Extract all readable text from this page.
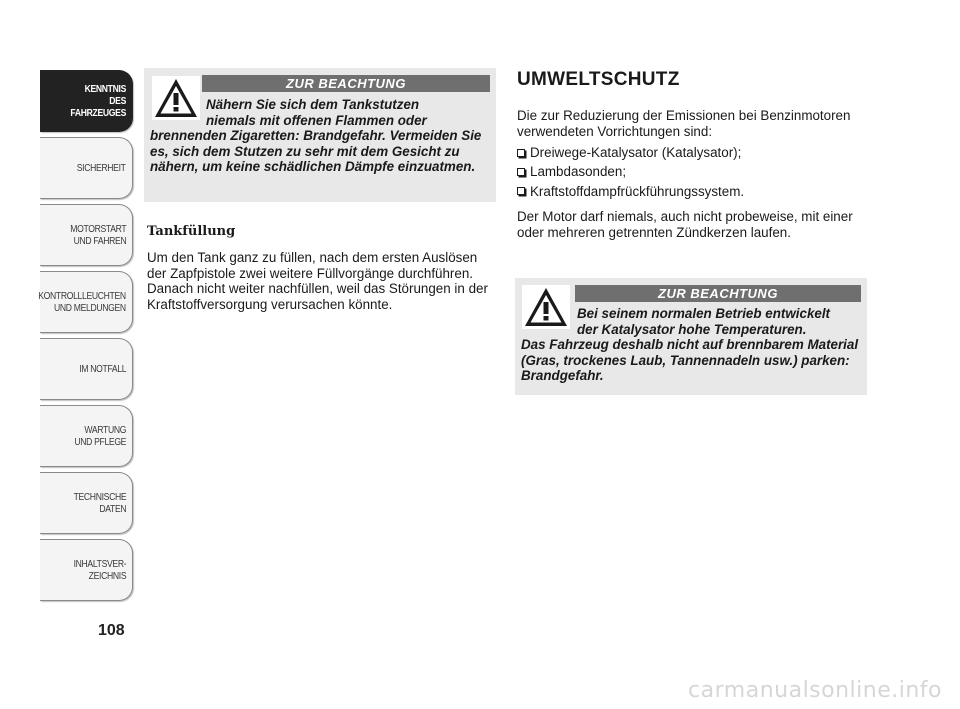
KENNTNIS
DES FAHRZEUGES
SICHERHEIT
MOTORSTART
UND FAHREN
KONTROLLLEUCHTEN
UND MELDUNGEN
IM NOTFALL
WARTUNG
UND PFLEGE
TECHNISCHE
DATEN
INHALTSVER-
ZEICHNIS
108
ZUR BEACHTUNG
Nähern Sie sich dem Tankstutzen
niemals mit offenen Flammen oder
brennenden Zigaretten: Brandgefahr. Vermeiden Sie es, sich dem Stutzen zu sehr mit dem Gesicht zu nähern, um keine schädlichen Dämpfe einzuatmen.
Tankfüllung
Um den Tank ganz zu füllen, nach dem ersten Auslösen der Zapfpistole zwei weitere Füllvorgänge durchführen. Danach nicht weiter nachfüllen, weil das Störungen in der Kraftstoffversorgung verursachen könnte.
UMWELTSCHUTZ
Die zur Reduzierung der Emissionen bei Benzinmotoren verwendeten Vorrichtungen sind:
Dreiwege-Katalysator (Katalysator);
Lambdasonden;
Kraftstoffdampfrückführungssystem.
Der Motor darf niemals, auch nicht probeweise, mit einer oder mehreren getrennten Zündkerzen laufen.
ZUR BEACHTUNG
Bei seinem normalen Betrieb entwickelt
der Katalysator hohe Temperaturen.
Das Fahrzeug deshalb nicht auf brennbarem Material (Gras, trockenes Laub, Tannennadeln usw.) parken: Brandgefahr.
carmanualsonline.info
